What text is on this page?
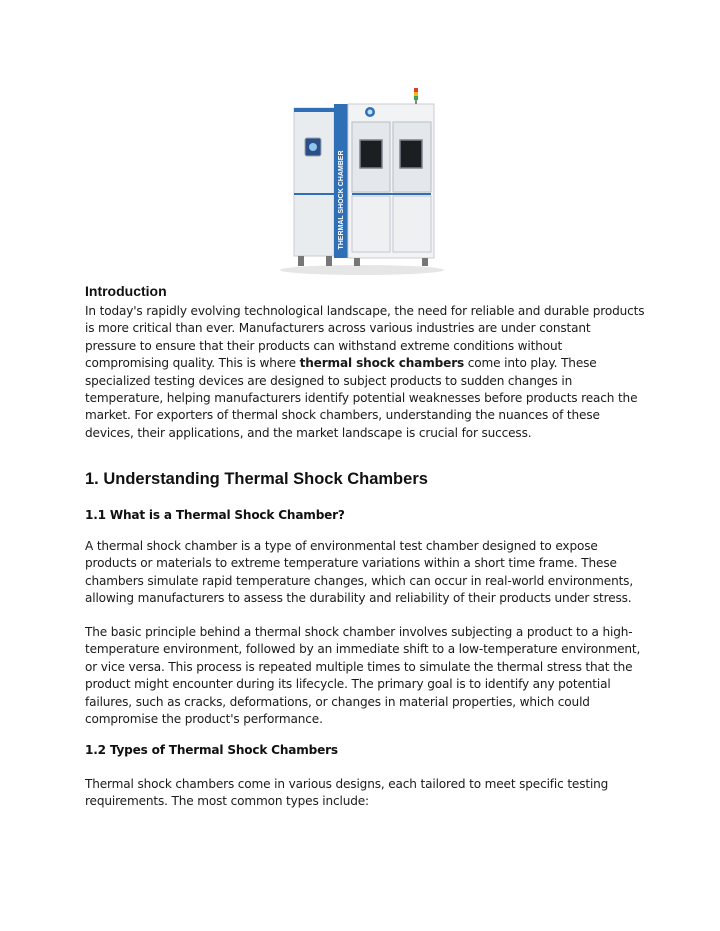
THERMAL SHOCK CHAMBER
Introduction

In today's rapidly evolving technological landscape, the need for reliable and durable products is more critical than ever. Manufacturers across various industries are under constant pressure to ensure that their products can withstand extreme conditions without compromising quality. This is where thermal shock chambers come into play. These specialized testing devices are designed to subject products to sudden changes in temperature, helping manufacturers identify potential weaknesses before products reach the market. For exporters of thermal shock chambers, understanding the nuances of these devices, their applications, and the market landscape is crucial for success.

1. Understanding Thermal Shock Chambers
1.1 What is a Thermal Shock Chamber?

A thermal shock chamber is a type of environmental test chamber designed to expose products or materials to extreme temperature variations within a short time frame. These chambers simulate rapid temperature changes, which can occur in real-world environments, allowing manufacturers to assess the durability and reliability of their products under stress.

The basic principle behind a thermal shock chamber involves subjecting a product to a high-temperature environment, followed by an immediate shift to a low-temperature environment, or vice versa. This process is repeated multiple times to simulate the thermal stress that the product might encounter during its lifecycle. The primary goal is to identify any potential failures, such as cracks, deformations, or changes in material properties, which could compromise the product's performance.

1.2 Types of Thermal Shock Chambers

Thermal shock chambers come in various designs, each tailored to meet specific testing requirements. The most common types include:
